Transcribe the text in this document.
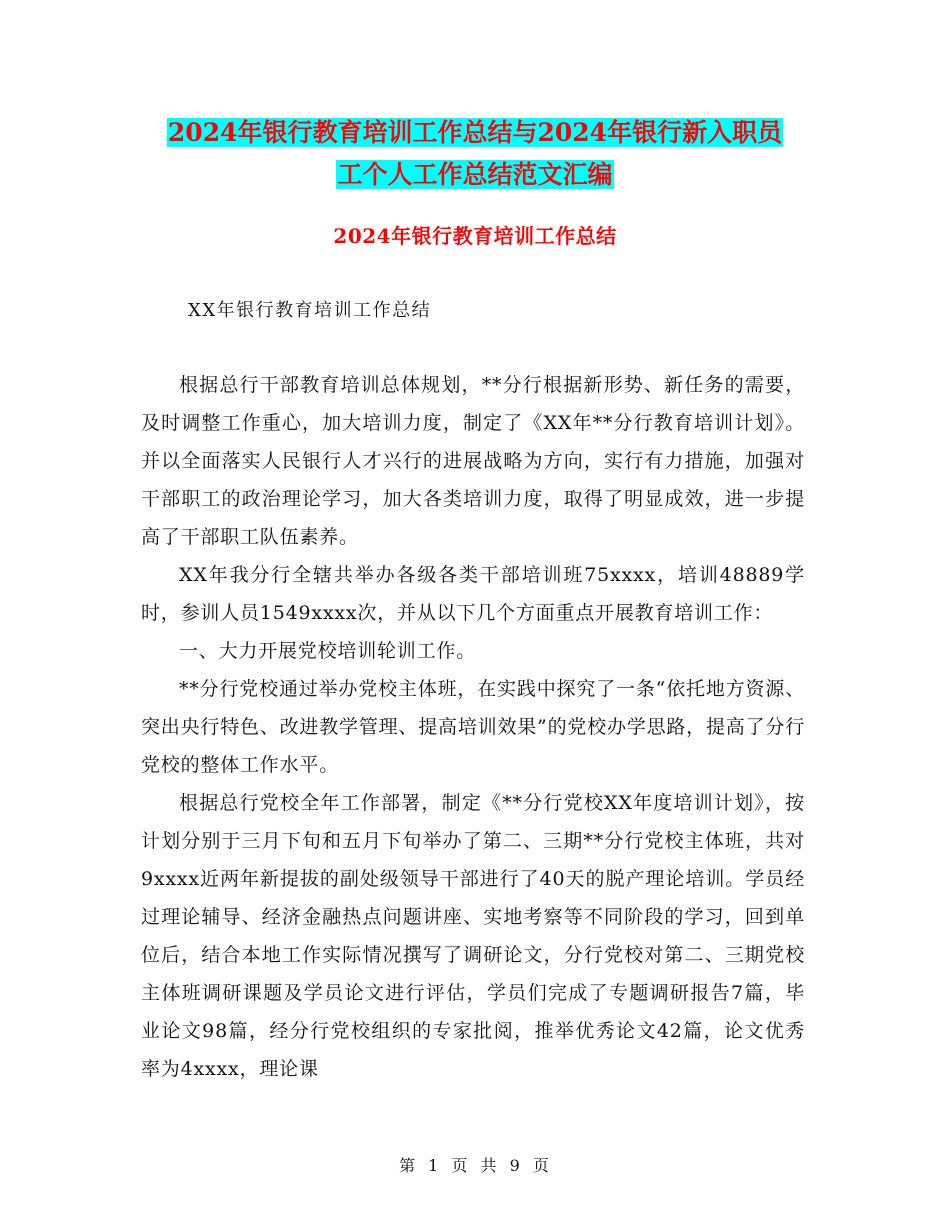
2024年银行教育培训工作总结与2024年银行新入职员
工个人工作总结范文汇编
2024年银行教育培训工作总结
XX年银行教育培训工作总结

根据总行干部教育培训总体规划，**分行根据新形势、新任务的需要，及时调整工作重心，加大培训力度，制定了《XX年**分行教育培训计划》。并以全面落实人民银行人才兴行的进展战略为方向，实行有力措施，加强对干部职工的政治理论学习，加大各类培训力度，取得了明显成效，进一步提高了干部职工队伍素养。

XX年我分行全辖共举办各级各类干部培训班75xxxx，培训48889学时，参训人员1549xxxx次，并从以下几个方面重点开展教育培训工作：

一、大力开展党校培训轮训工作。

**分行党校通过举办党校主体班，在实践中探究了一条“依托地方资源、突出央行特色、改进教学管理、提高培训效果”的党校办学思路，提高了分行党校的整体工作水平。

根据总行党校全年工作部署，制定《**分行党校XX年度培训计划》，按计划分别于三月下旬和五月下旬举办了第二、三期**分行党校主体班，共对9xxxx近两年新提拔的副处级领导干部进行了40天的脱产理论培训。学员经过理论辅导、经济金融热点问题讲座、实地考察等不同阶段的学习，回到单位后，结合本地工作实际情况撰写了调研论文，分行党校对第二、三期党校主体班调研课题及学员论文进行评估，学员们完成了专题调研报告7篇，毕业论文98篇，经分行党校组织的专家批阅，推举优秀论文42篇，论文优秀率为4xxxx，理论课

第 1 页 共 9 页
